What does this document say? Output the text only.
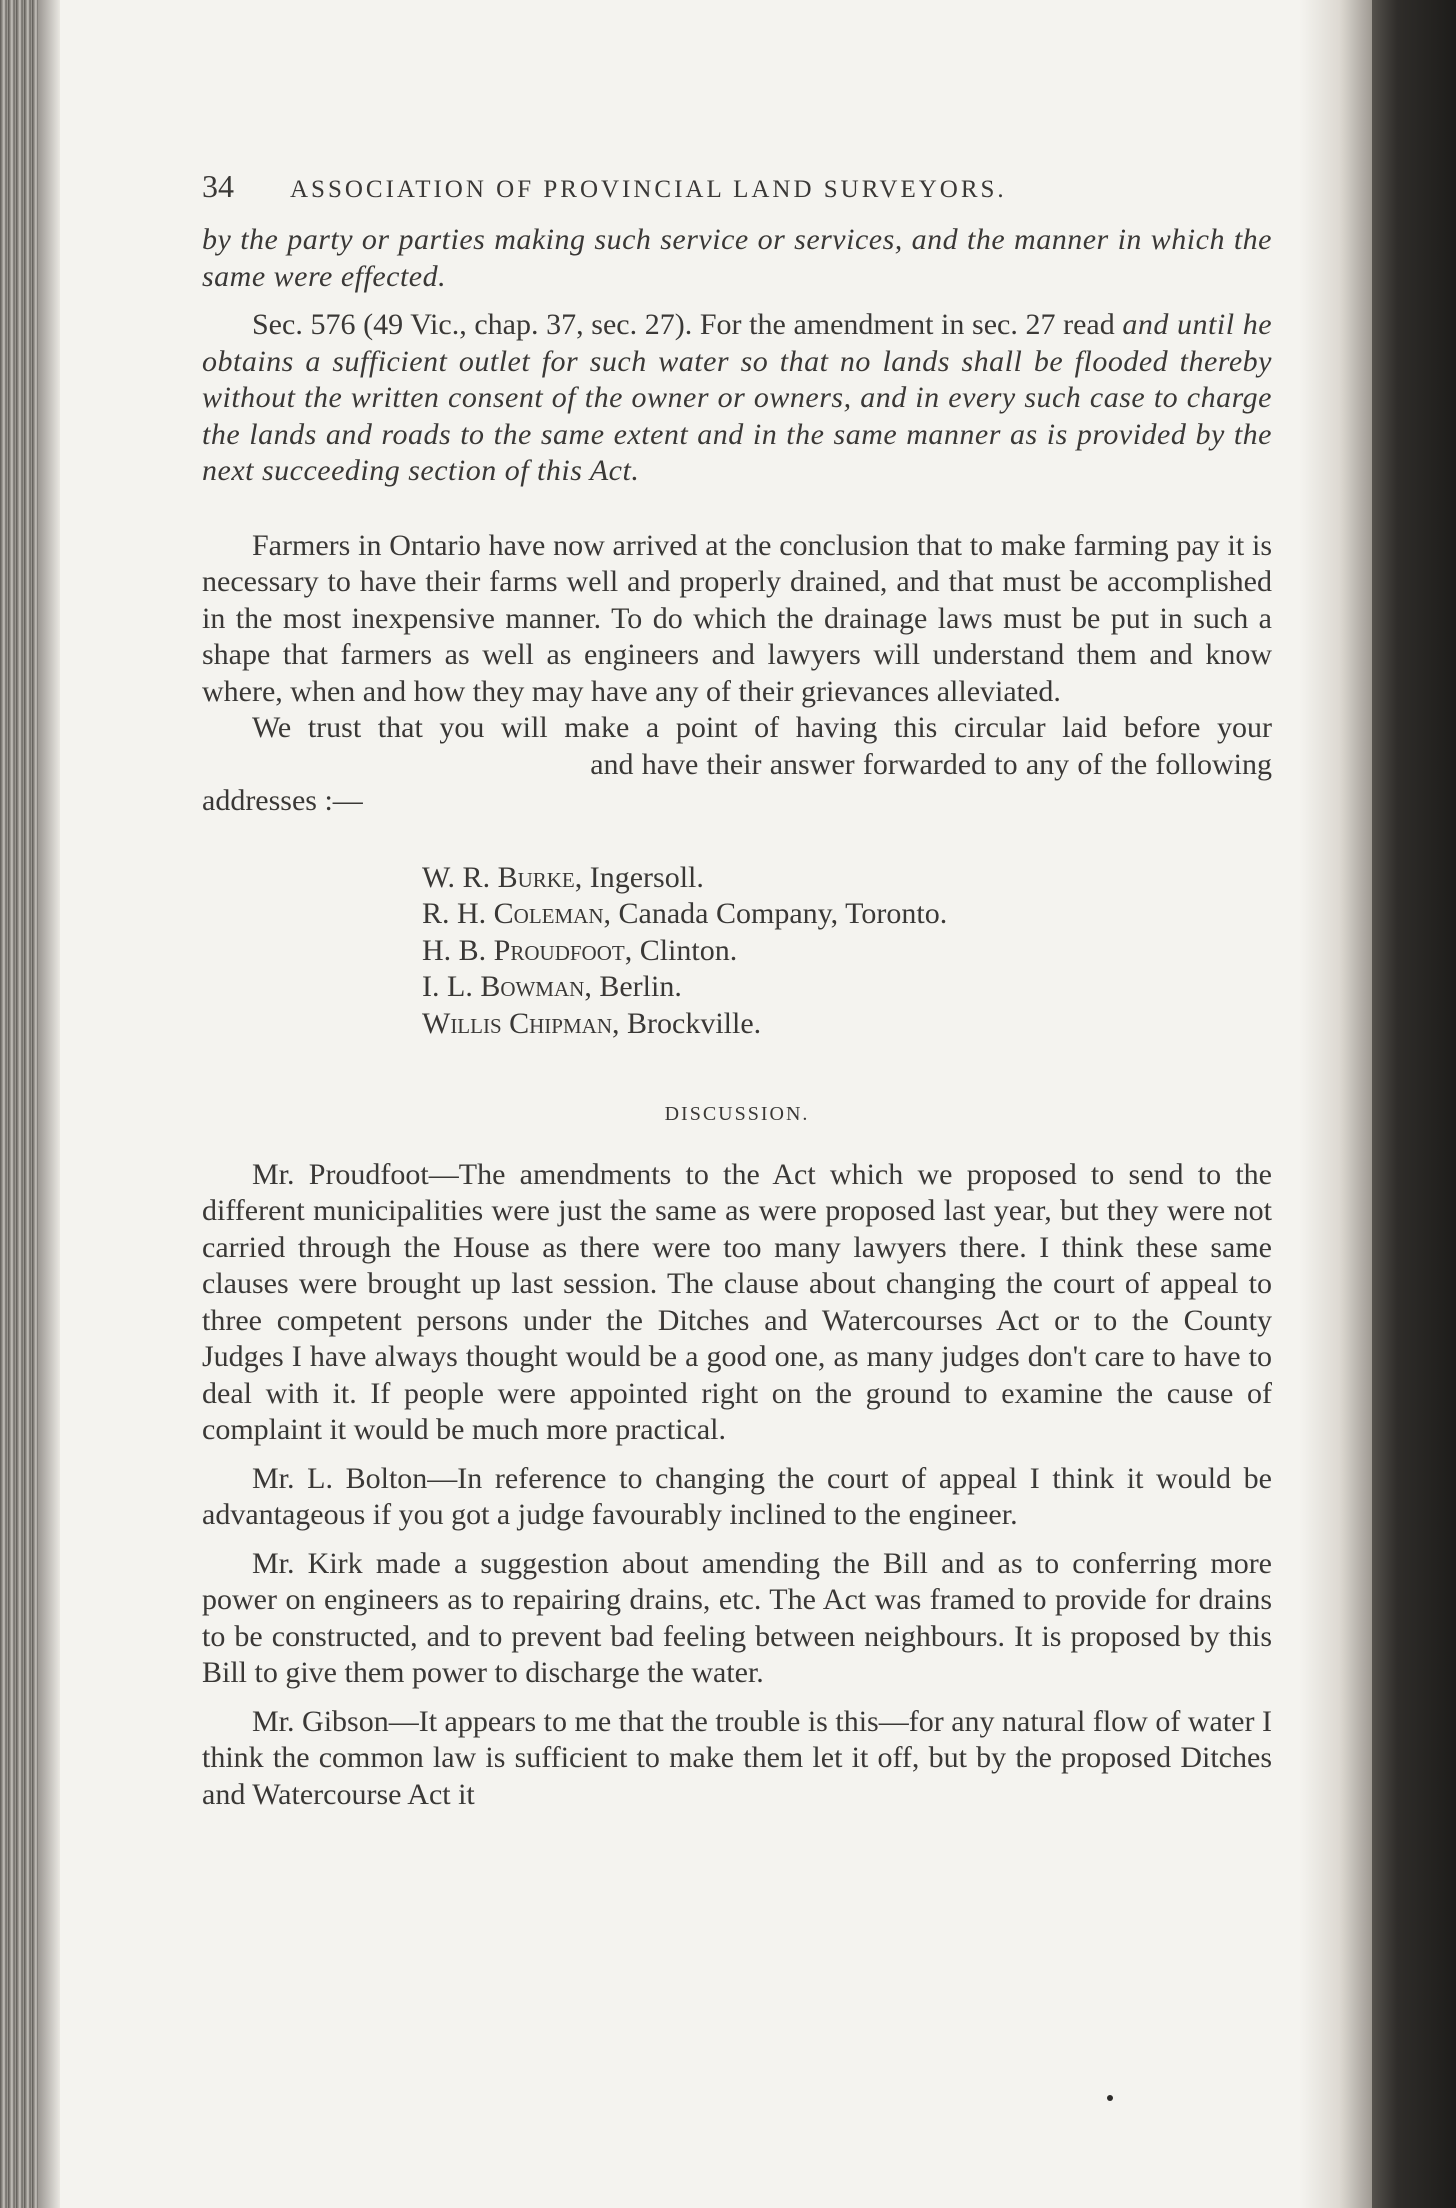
34	ASSOCIATION OF PROVINCIAL LAND SURVEYORS.

by the party or parties making such service or services, and the manner in which the same were effected.

Sec. 576 (49 Vic., chap. 37, sec. 27). For the amendment in sec. 27 read and until he obtains a sufficient outlet for such water so that no lands shall be flooded thereby without the written consent of the owner or owners, and in every such case to charge the lands and roads to the same extent and in the same manner as is provided by the next succeeding section of this Act.

Farmers in Ontario have now arrived at the conclusion that to make farming pay it is necessary to have their farms well and properly drained, and that must be accomplished in the most inexpensive manner. To do which the drainage laws must be put in such a shape that farmers as well as engineers and lawyers will understand them and know where, when and how they may have any of their grievances alleviated.

We trust that you will make a point of having this circular laid before your  and have their answer forwarded to any of the following addresses :—

W. R. Burke, Ingersoll.
R. H. Coleman, Canada Company, Toronto.
H. B. Proudfoot, Clinton.
I. L. Bowman, Berlin.
Willis Chipman, Brockville.
DISCUSSION.

Mr. Proudfoot—The amendments to the Act which we proposed to send to the different municipalities were just the same as were proposed last year, but they were not carried through the House as there were too many lawyers there. I think these same clauses were brought up last session. The clause about changing the court of appeal to three competent persons under the Ditches and Watercourses Act or to the County Judges I have always thought would be a good one, as many judges don't care to have to deal with it. If people were appointed right on the ground to examine the cause of complaint it would be much more practical.

Mr. L. Bolton—In reference to changing the court of appeal I think it would be advantageous if you got a judge favourably inclined to the engineer.

Mr. Kirk made a suggestion about amending the Bill and as to conferring more power on engineers as to repairing drains, etc. The Act was framed to provide for drains to be constructed, and to prevent bad feeling between neighbours. It is proposed by this Bill to give them power to discharge the water.

Mr. Gibson—It appears to me that the trouble is this—for any natural flow of water I think the common law is sufficient to make them let it off, but by the proposed Ditches and Watercourse Act it
